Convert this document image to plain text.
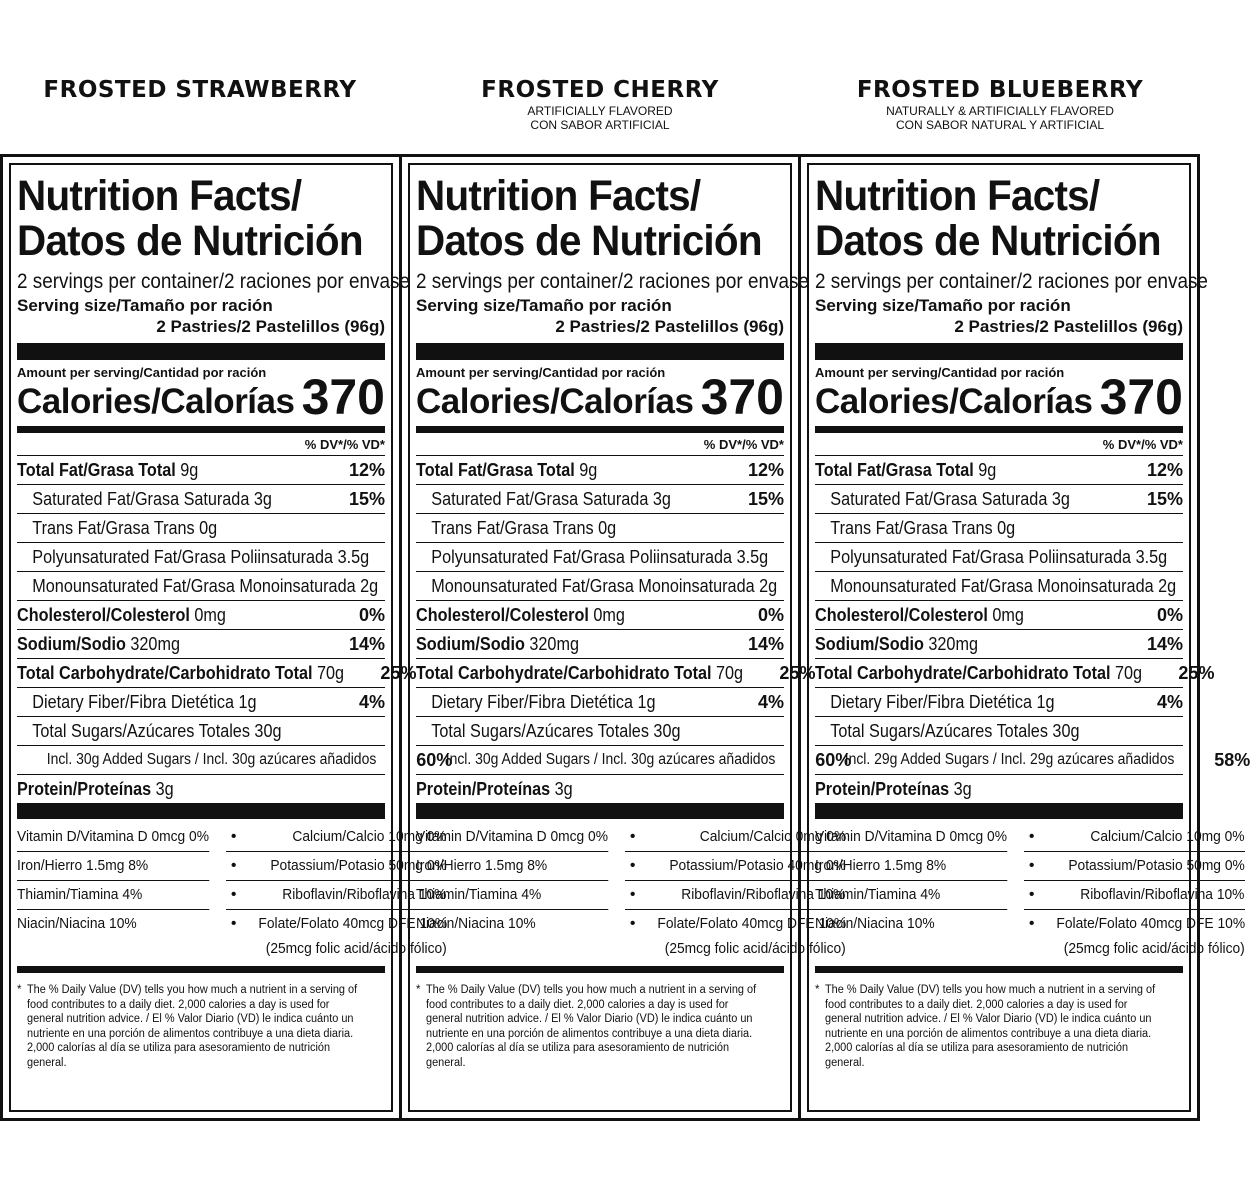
FROSTED STRAWBERRY	FROSTED CHERRY
ARTIFICIALLY FLAVORED
CON SABOR ARTIFICIAL
FROSTED BLUEBERRY
NATURALLY & ARTIFICIALLY FLAVORED
CON SABOR NATURAL Y ARTIFICIAL
Nutrition Facts/
Datos de Nutrición
2 servings per container/2 raciones por envase
Serving size/Tamaño por ración
2 Pastries/2 Pastelillos (96g)
Amount per serving/Cantidad por ración
Calories/Calorías 370
% DV*/% VD*
Total Fat/Grasa Total 9g	12%
Saturated Fat/Grasa Saturada 3g	15%
Trans Fat/Grasa Trans 0g
Polyunsaturated Fat/Grasa Poliinsaturada 3.5g
Monounsaturated Fat/Grasa Monoinsaturada 2g
Cholesterol/Colesterol 0mg	0%
Sodium/Sodio 320mg	14%
Total Carbohydrate/Carbohidrato Total 70g 25%
Dietary Fiber/Fibra Dietética 1g	4%
Total Sugars/Azúcares Totales 30g
Incl. 30g Added Sugars / Incl. 30g azúcares añadidos 60%
Protein/Proteínas 3g
Vitamin D/Vitamina D 0mcg 0%	•	Calcium/Calcio 10mg 0%
Iron/Hierro 1.5mg 8%	•	Potassium/Potasio 50mg 0%
Thiamin/Tiamina 4%	•	Riboflavin/Riboflavina 10%
Niacin/Niacina 10%	•	Folate/Folato 40mcg DFE 10%
(25mcg folic acid/ácido fólico)
* The % Daily Value (DV) tells you how much a nutrient in a serving of food contributes to a daily diet. 2,000 calories a day is used for general nutrition advice. / El % Valor Diario (VD) le indica cuánto un nutriente en una porción de alimentos contribuye a una dieta diaria. 2,000 calorías al día se utiliza para asesoramiento de nutrición general.
Nutrition Facts/
Datos de Nutrición
2 servings per container/2 raciones por envase
Serving size/Tamaño por ración
2 Pastries/2 Pastelillos (96g)
Amount per serving/Cantidad por ración
Calories/Calorías 370
% DV*/% VD*
Total Fat/Grasa Total 9g	12%
Saturated Fat/Grasa Saturada 3g	15%
Trans Fat/Grasa Trans 0g
Polyunsaturated Fat/Grasa Poliinsaturada 3.5g
Monounsaturated Fat/Grasa Monoinsaturada 2g
Cholesterol/Colesterol 0mg	0%
Sodium/Sodio 320mg	14%
Total Carbohydrate/Carbohidrato Total 70g 25%
Dietary Fiber/Fibra Dietética 1g	4%
Total Sugars/Azúcares Totales 30g
Incl. 30g Added Sugars / Incl. 30g azúcares añadidos 60%
Protein/Proteínas 3g
Vitamin D/Vitamina D 0mcg 0%	•	Calcium/Calcio 0mg 0%
Iron/Hierro 1.5mg 8%	•	Potassium/Potasio 40mg 0%
Thiamin/Tiamina 4%	•	Riboflavin/Riboflavina 10%
Niacin/Niacina 10%	•	Folate/Folato 40mcg DFE 10%
(25mcg folic acid/ácido fólico)
* The % Daily Value (DV) tells you how much a nutrient in a serving of food contributes to a daily diet. 2,000 calories a day is used for general nutrition advice. / El % Valor Diario (VD) le indica cuánto un nutriente en una porción de alimentos contribuye a una dieta diaria. 2,000 calorías al día se utiliza para asesoramiento de nutrición general.
Nutrition Facts/
Datos de Nutrición
2 servings per container/2 raciones por envase
Serving size/Tamaño por ración
2 Pastries/2 Pastelillos (96g)
Amount per serving/Cantidad por ración
Calories/Calorías 370
% DV*/% VD*
Total Fat/Grasa Total 9g	12%
Saturated Fat/Grasa Saturada 3g	15%
Trans Fat/Grasa Trans 0g
Polyunsaturated Fat/Grasa Poliinsaturada 3.5g
Monounsaturated Fat/Grasa Monoinsaturada 2g
Cholesterol/Colesterol 0mg	0%
Sodium/Sodio 320mg	14%
Total Carbohydrate/Carbohidrato Total 70g 25%
Dietary Fiber/Fibra Dietética 1g	4%
Total Sugars/Azúcares Totales 30g
Incl. 29g Added Sugars / Incl. 29g azúcares añadidos 58%
Protein/Proteínas 3g
Vitamin D/Vitamina D 0mcg 0%	•	Calcium/Calcio 10mg 0%
Iron/Hierro 1.5mg 8%	•	Potassium/Potasio 50mg 0%
Thiamin/Tiamina 4%	•	Riboflavin/Riboflavina 10%
Niacin/Niacina 10%	•	Folate/Folato 40mcg DFE 10%
(25mcg folic acid/ácido fólico)
* The % Daily Value (DV) tells you how much a nutrient in a serving of food contributes to a daily diet. 2,000 calories a day is used for general nutrition advice. / El % Valor Diario (VD) le indica cuánto un nutriente en una porción de alimentos contribuye a una dieta diaria. 2,000 calorías al día se utiliza para asesoramiento de nutrición general.
